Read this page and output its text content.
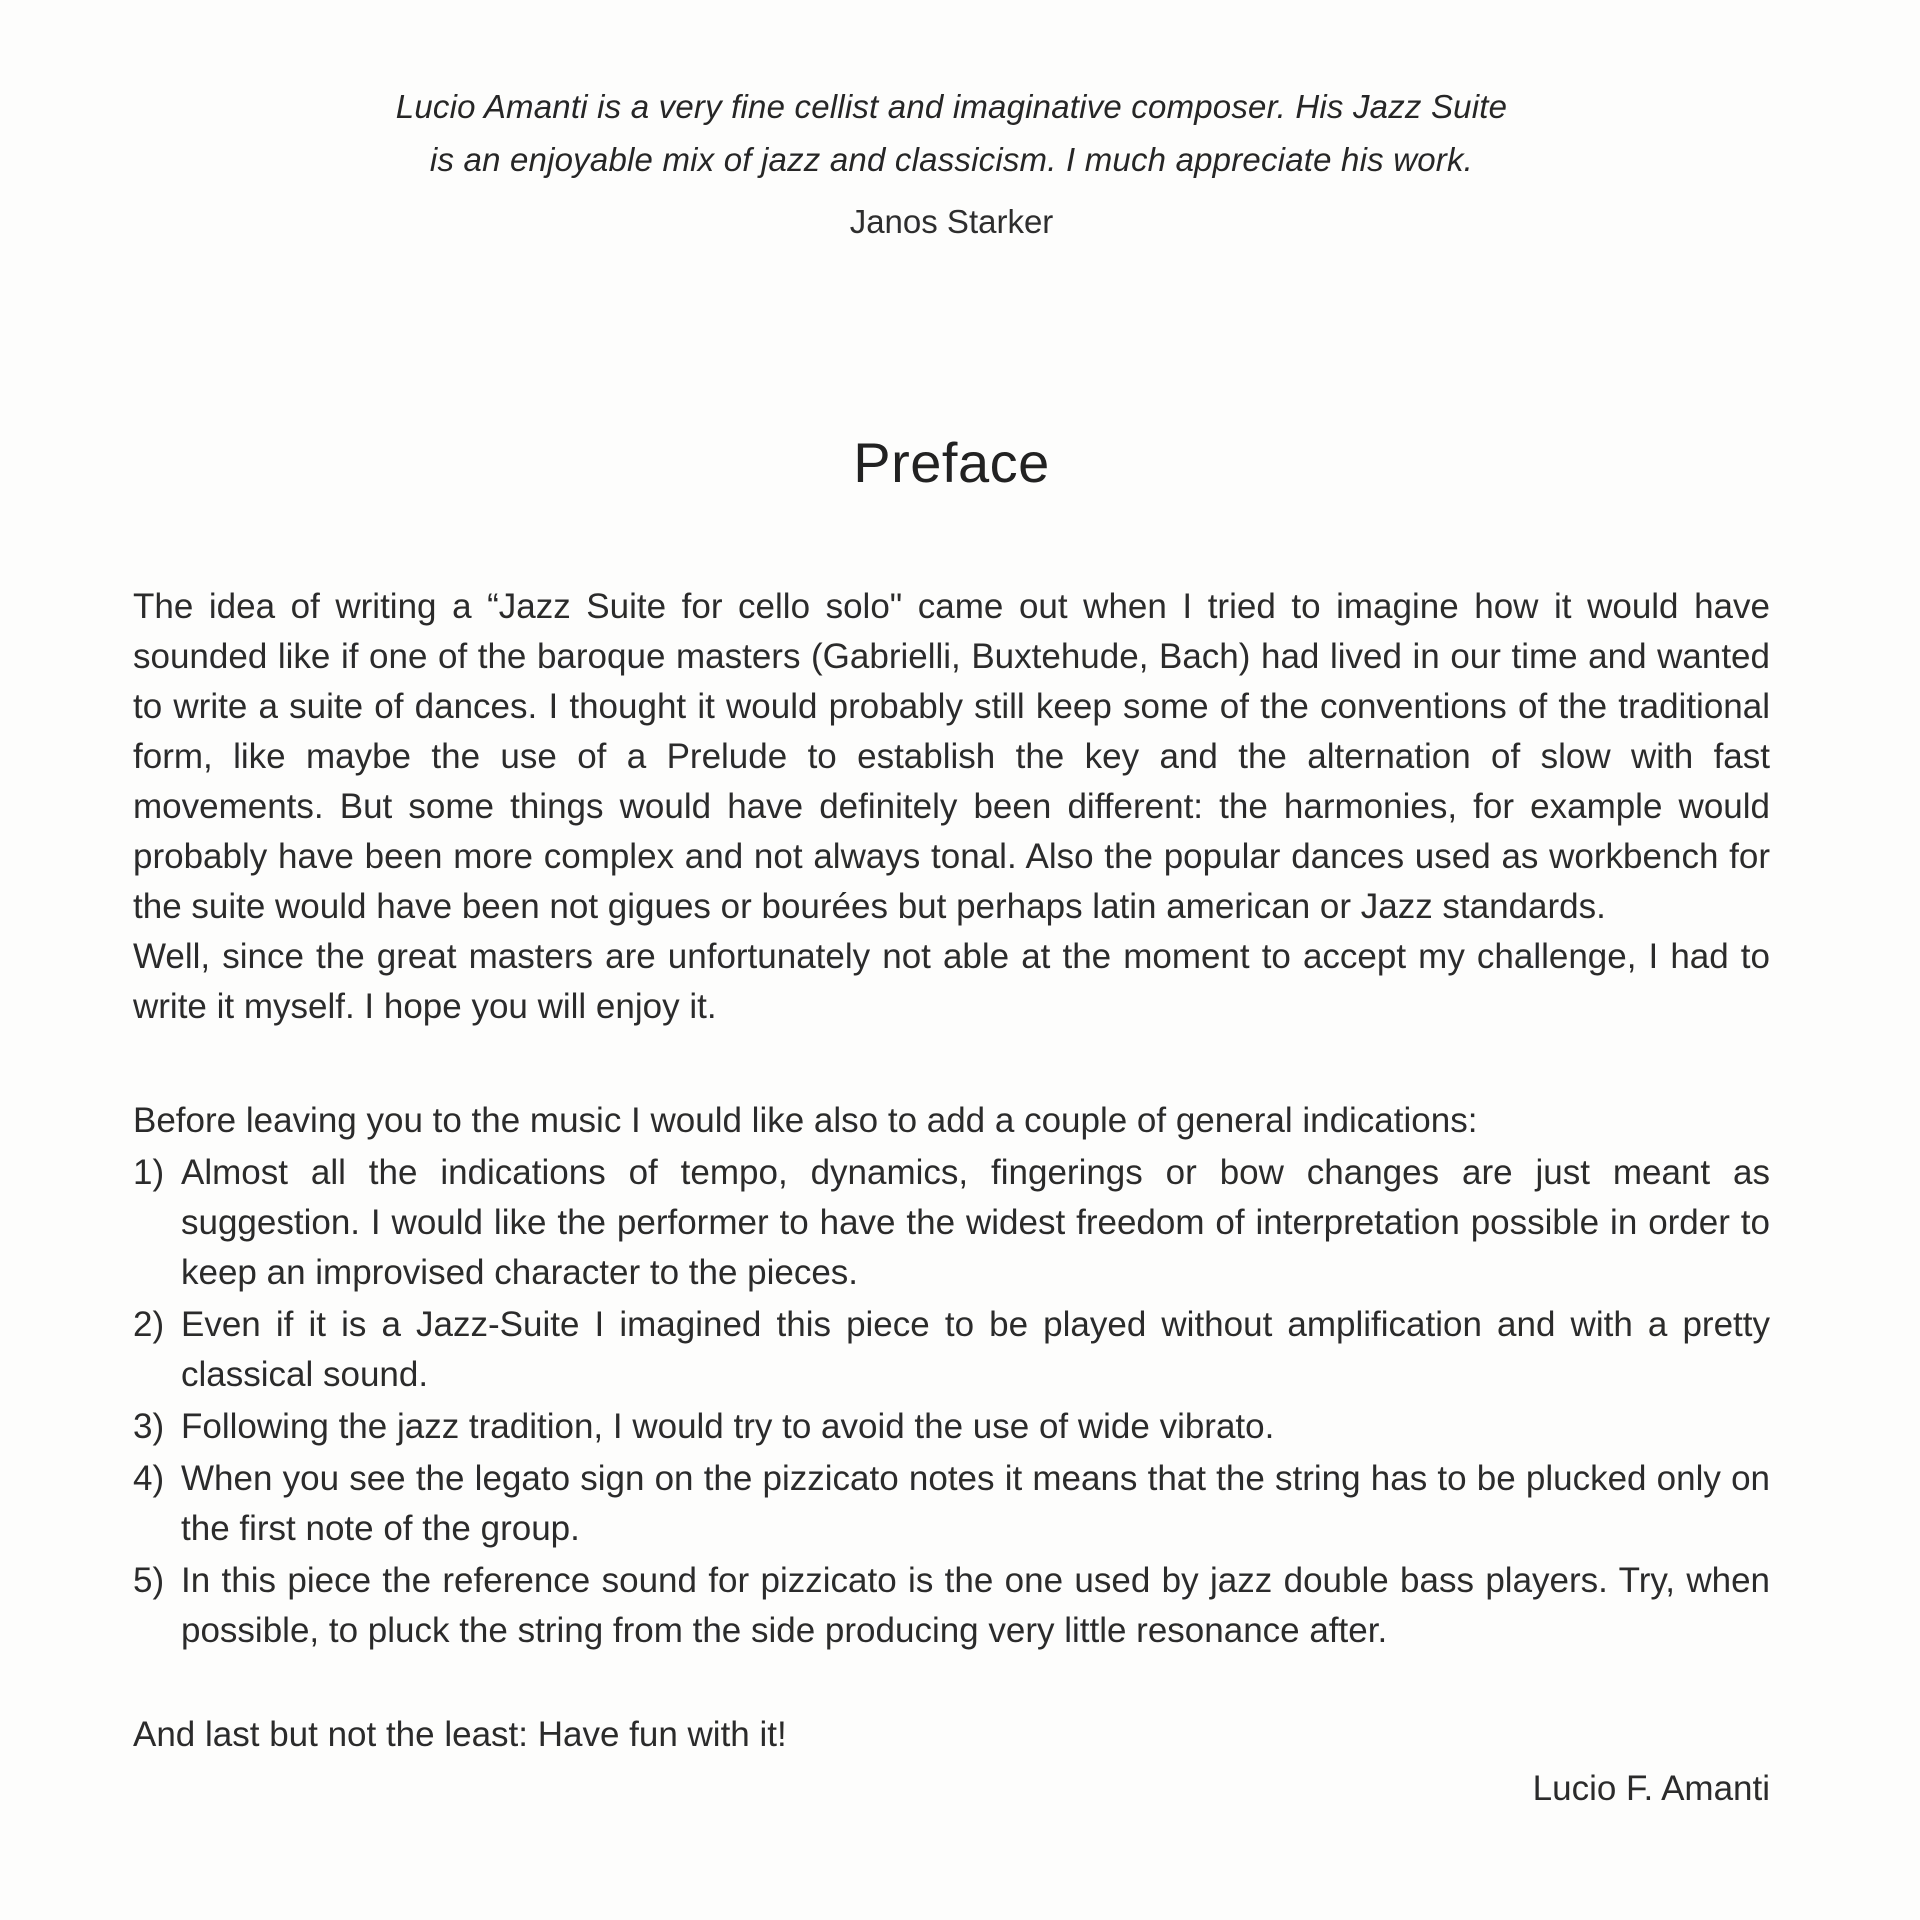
Lucio Amanti is a very fine cellist and imaginative composer. His Jazz Suite
is an enjoyable mix of jazz and classicism. I much appreciate his work.
Janos Starker
Preface
The idea of writing a “Jazz Suite for cello solo" came out when I tried to imagine how it would have sounded like if one of the baroque masters (Gabrielli, Buxtehude, Bach) had lived in our time and wanted to write a suite of dances. I thought it would probably still keep some of the conventions of the traditional form, like maybe the use of a Prelude to establish the key and the alternation of slow with fast movements. But some things would have definitely been different: the harmonies, for example would probably have been more complex and not always tonal. Also the popular dances used as workbench for the suite would have been not gigues or bourées but perhaps latin american or Jazz standards.
Well, since the great masters are unfortunately not able at the moment to accept my challenge, I had to write it myself. I hope you will enjoy it.
Before leaving you to the music I would like also to add a couple of general indications:
1) Almost all the indications of tempo, dynamics, fingerings or bow changes are just meant as suggestion. I would like the performer to have the widest freedom of interpretation possible in order to keep an improvised character to the pieces.
2) Even if it is a Jazz-Suite I imagined this piece to be played without amplification and with a pretty classical sound.
3) Following the jazz tradition, I would try to avoid the use of wide vibrato.
4) When you see the legato sign on the pizzicato notes it means that the string has to be plucked only on the first note of the group.
5) In this piece the reference sound for pizzicato is the one used by jazz double bass players. Try, when possible, to pluck the string from the side producing very little resonance after.
And last but not the least: Have fun with it!
Lucio F. Amanti
